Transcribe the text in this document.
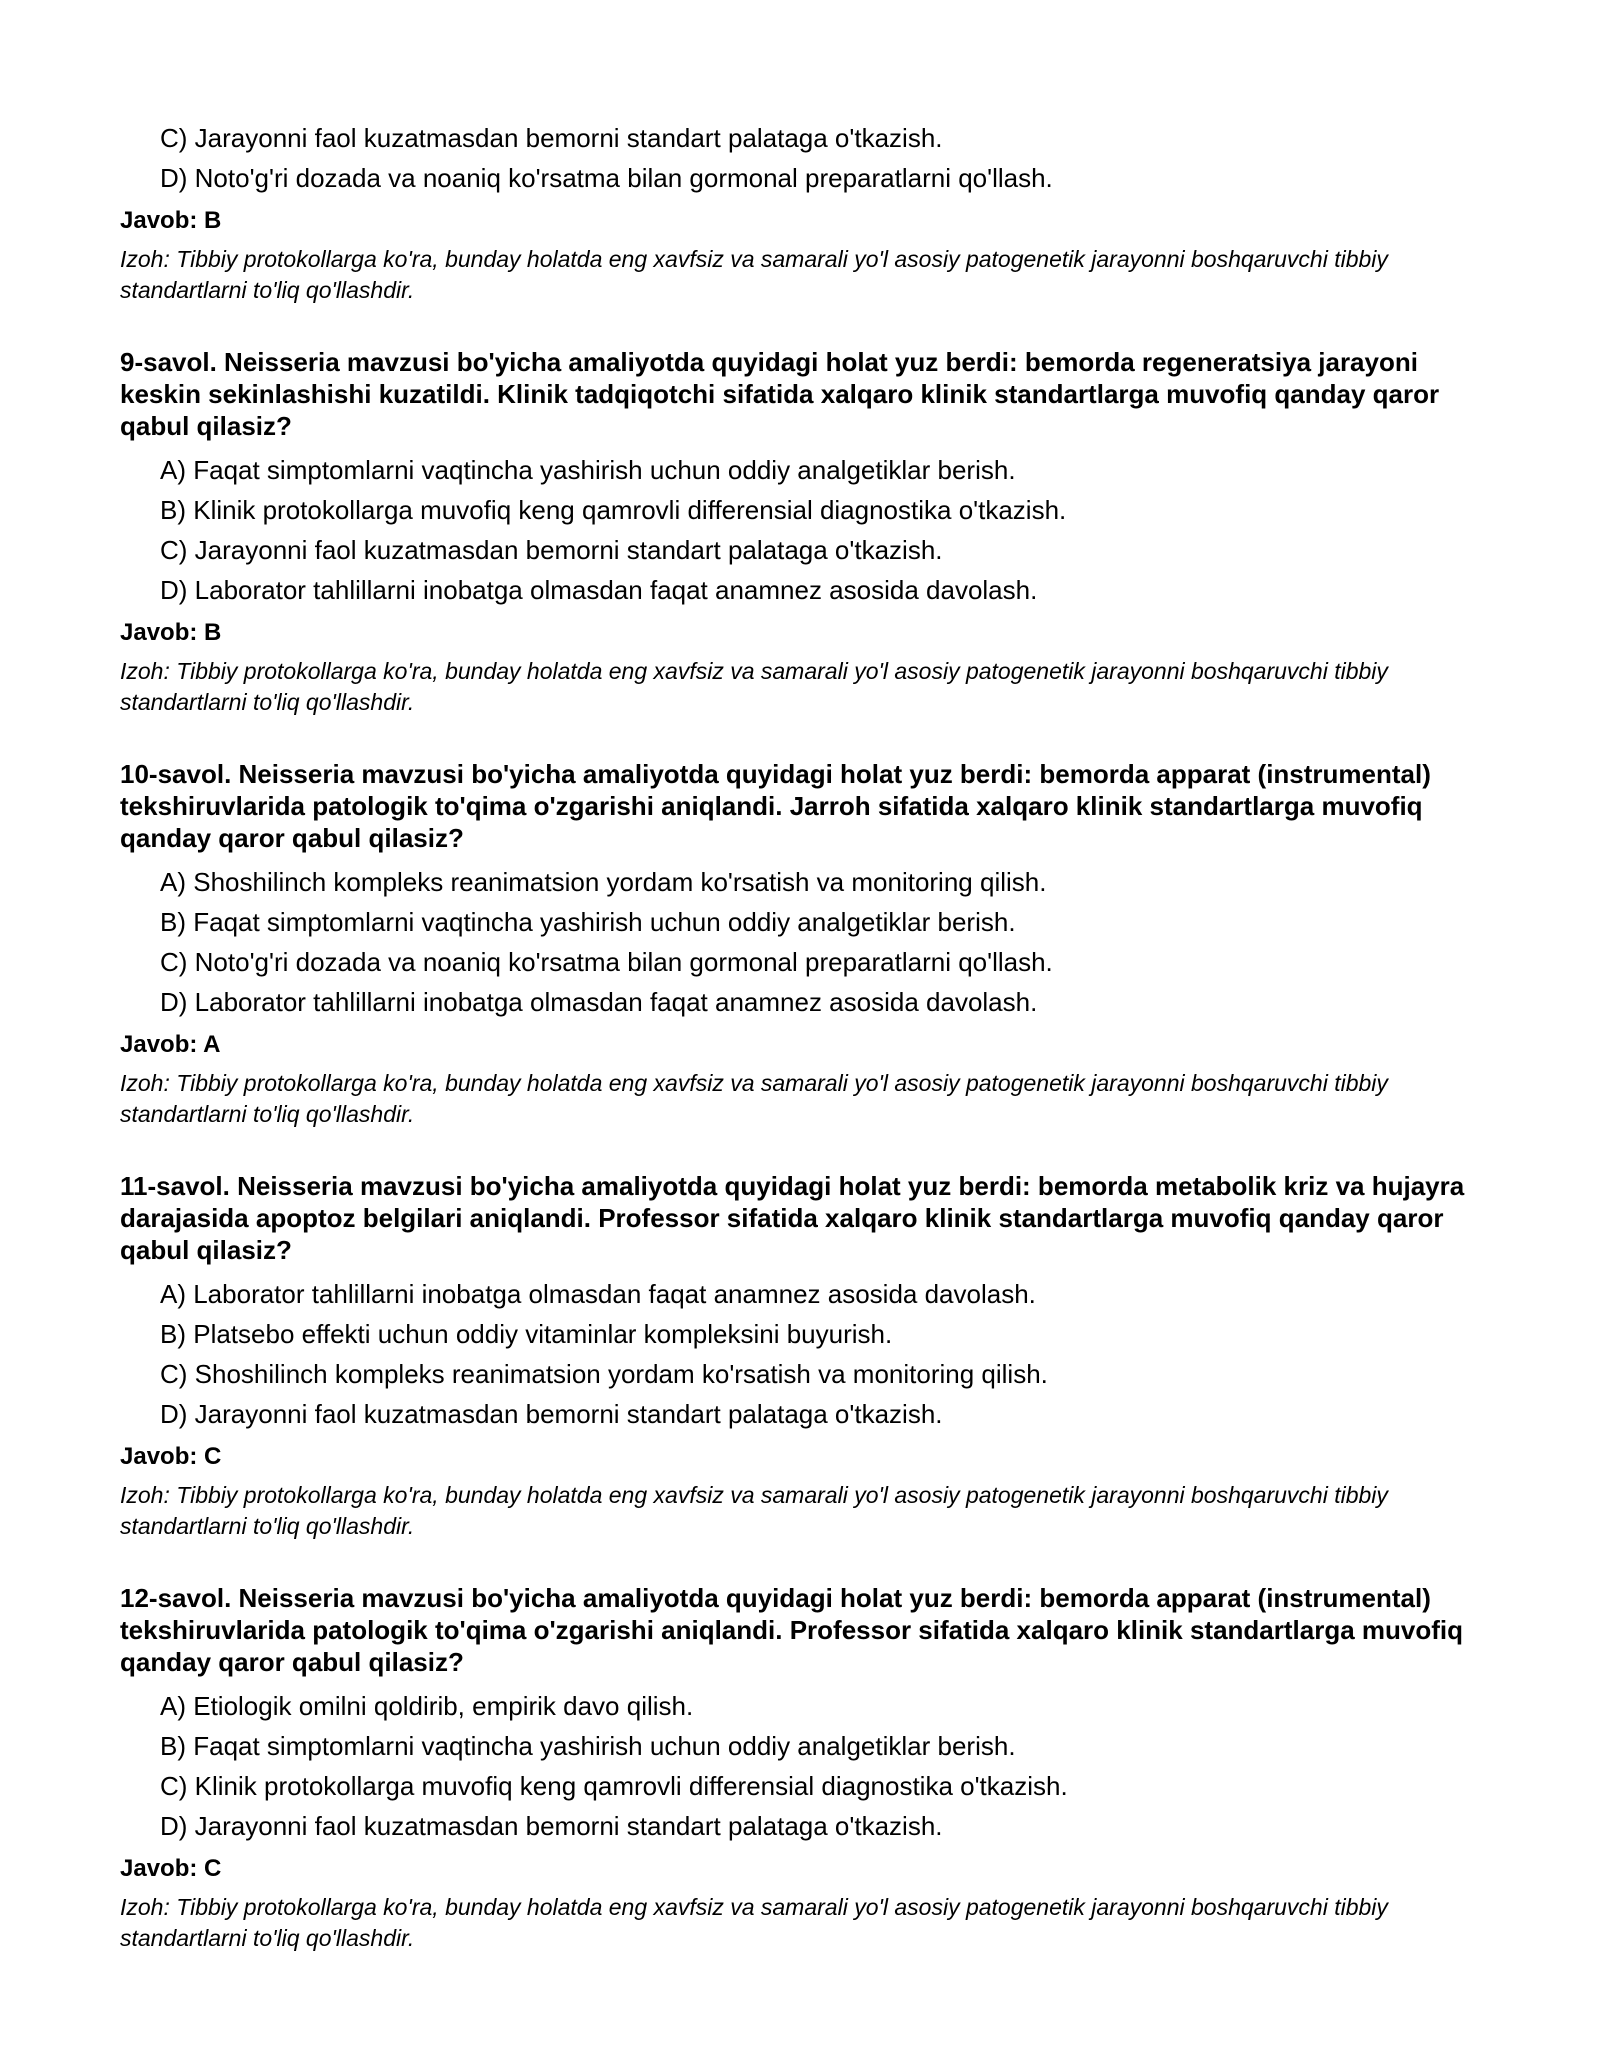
C) Jarayonni faol kuzatmasdan bemorni standart palataga o'tkazish.
D) Noto'g'ri dozada va noaniq ko'rsatma bilan gormonal preparatlarni qo'llash.
Javob: B
Izoh: Tibbiy protokollarga ko'ra, bunday holatda eng xavfsiz va samarali yo'l asosiy patogenetik jarayonni boshqaruvchi tibbiy standartlarni to'liq qo'llashdir.
9-savol. Neisseria mavzusi bo'yicha amaliyotda quyidagi holat yuz berdi: bemorda regeneratsiya jarayoni keskin sekinlashishi kuzatildi. Klinik tadqiqotchi sifatida xalqaro klinik standartlarga muvofiq qanday qaror qabul qilasiz?
A) Faqat simptomlarni vaqtincha yashirish uchun oddiy analgetiklar berish.
B) Klinik protokollarga muvofiq keng qamrovli differensial diagnostika o'tkazish.
C) Jarayonni faol kuzatmasdan bemorni standart palataga o'tkazish.
D) Laborator tahlillarni inobatga olmasdan faqat anamnez asosida davolash.
Javob: B
Izoh: Tibbiy protokollarga ko'ra, bunday holatda eng xavfsiz va samarali yo'l asosiy patogenetik jarayonni boshqaruvchi tibbiy standartlarni to'liq qo'llashdir.
10-savol. Neisseria mavzusi bo'yicha amaliyotda quyidagi holat yuz berdi: bemorda apparat (instrumental) tekshiruvlarida patologik to'qima o'zgarishi aniqlandi. Jarroh sifatida xalqaro klinik standartlarga muvofiq qanday qaror qabul qilasiz?
A) Shoshilinch kompleks reanimatsion yordam ko'rsatish va monitoring qilish.
B) Faqat simptomlarni vaqtincha yashirish uchun oddiy analgetiklar berish.
C) Noto'g'ri dozada va noaniq ko'rsatma bilan gormonal preparatlarni qo'llash.
D) Laborator tahlillarni inobatga olmasdan faqat anamnez asosida davolash.
Javob: A
Izoh: Tibbiy protokollarga ko'ra, bunday holatda eng xavfsiz va samarali yo'l asosiy patogenetik jarayonni boshqaruvchi tibbiy standartlarni to'liq qo'llashdir.
11-savol. Neisseria mavzusi bo'yicha amaliyotda quyidagi holat yuz berdi: bemorda metabolik kriz va hujayra darajasida apoptoz belgilari aniqlandi. Professor sifatida xalqaro klinik standartlarga muvofiq qanday qaror qabul qilasiz?
A) Laborator tahlillarni inobatga olmasdan faqat anamnez asosida davolash.
B) Platsebo effekti uchun oddiy vitaminlar kompleksini buyurish.
C) Shoshilinch kompleks reanimatsion yordam ko'rsatish va monitoring qilish.
D) Jarayonni faol kuzatmasdan bemorni standart palataga o'tkazish.
Javob: C
Izoh: Tibbiy protokollarga ko'ra, bunday holatda eng xavfsiz va samarali yo'l asosiy patogenetik jarayonni boshqaruvchi tibbiy standartlarni to'liq qo'llashdir.
12-savol. Neisseria mavzusi bo'yicha amaliyotda quyidagi holat yuz berdi: bemorda apparat (instrumental) tekshiruvlarida patologik to'qima o'zgarishi aniqlandi. Professor sifatida xalqaro klinik standartlarga muvofiq qanday qaror qabul qilasiz?
A) Etiologik omilni qoldirib, empirik davo qilish.
B) Faqat simptomlarni vaqtincha yashirish uchun oddiy analgetiklar berish.
C) Klinik protokollarga muvofiq keng qamrovli differensial diagnostika o'tkazish.
D) Jarayonni faol kuzatmasdan bemorni standart palataga o'tkazish.
Javob: C
Izoh: Tibbiy protokollarga ko'ra, bunday holatda eng xavfsiz va samarali yo'l asosiy patogenetik jarayonni boshqaruvchi tibbiy standartlarni to'liq qo'llashdir.
